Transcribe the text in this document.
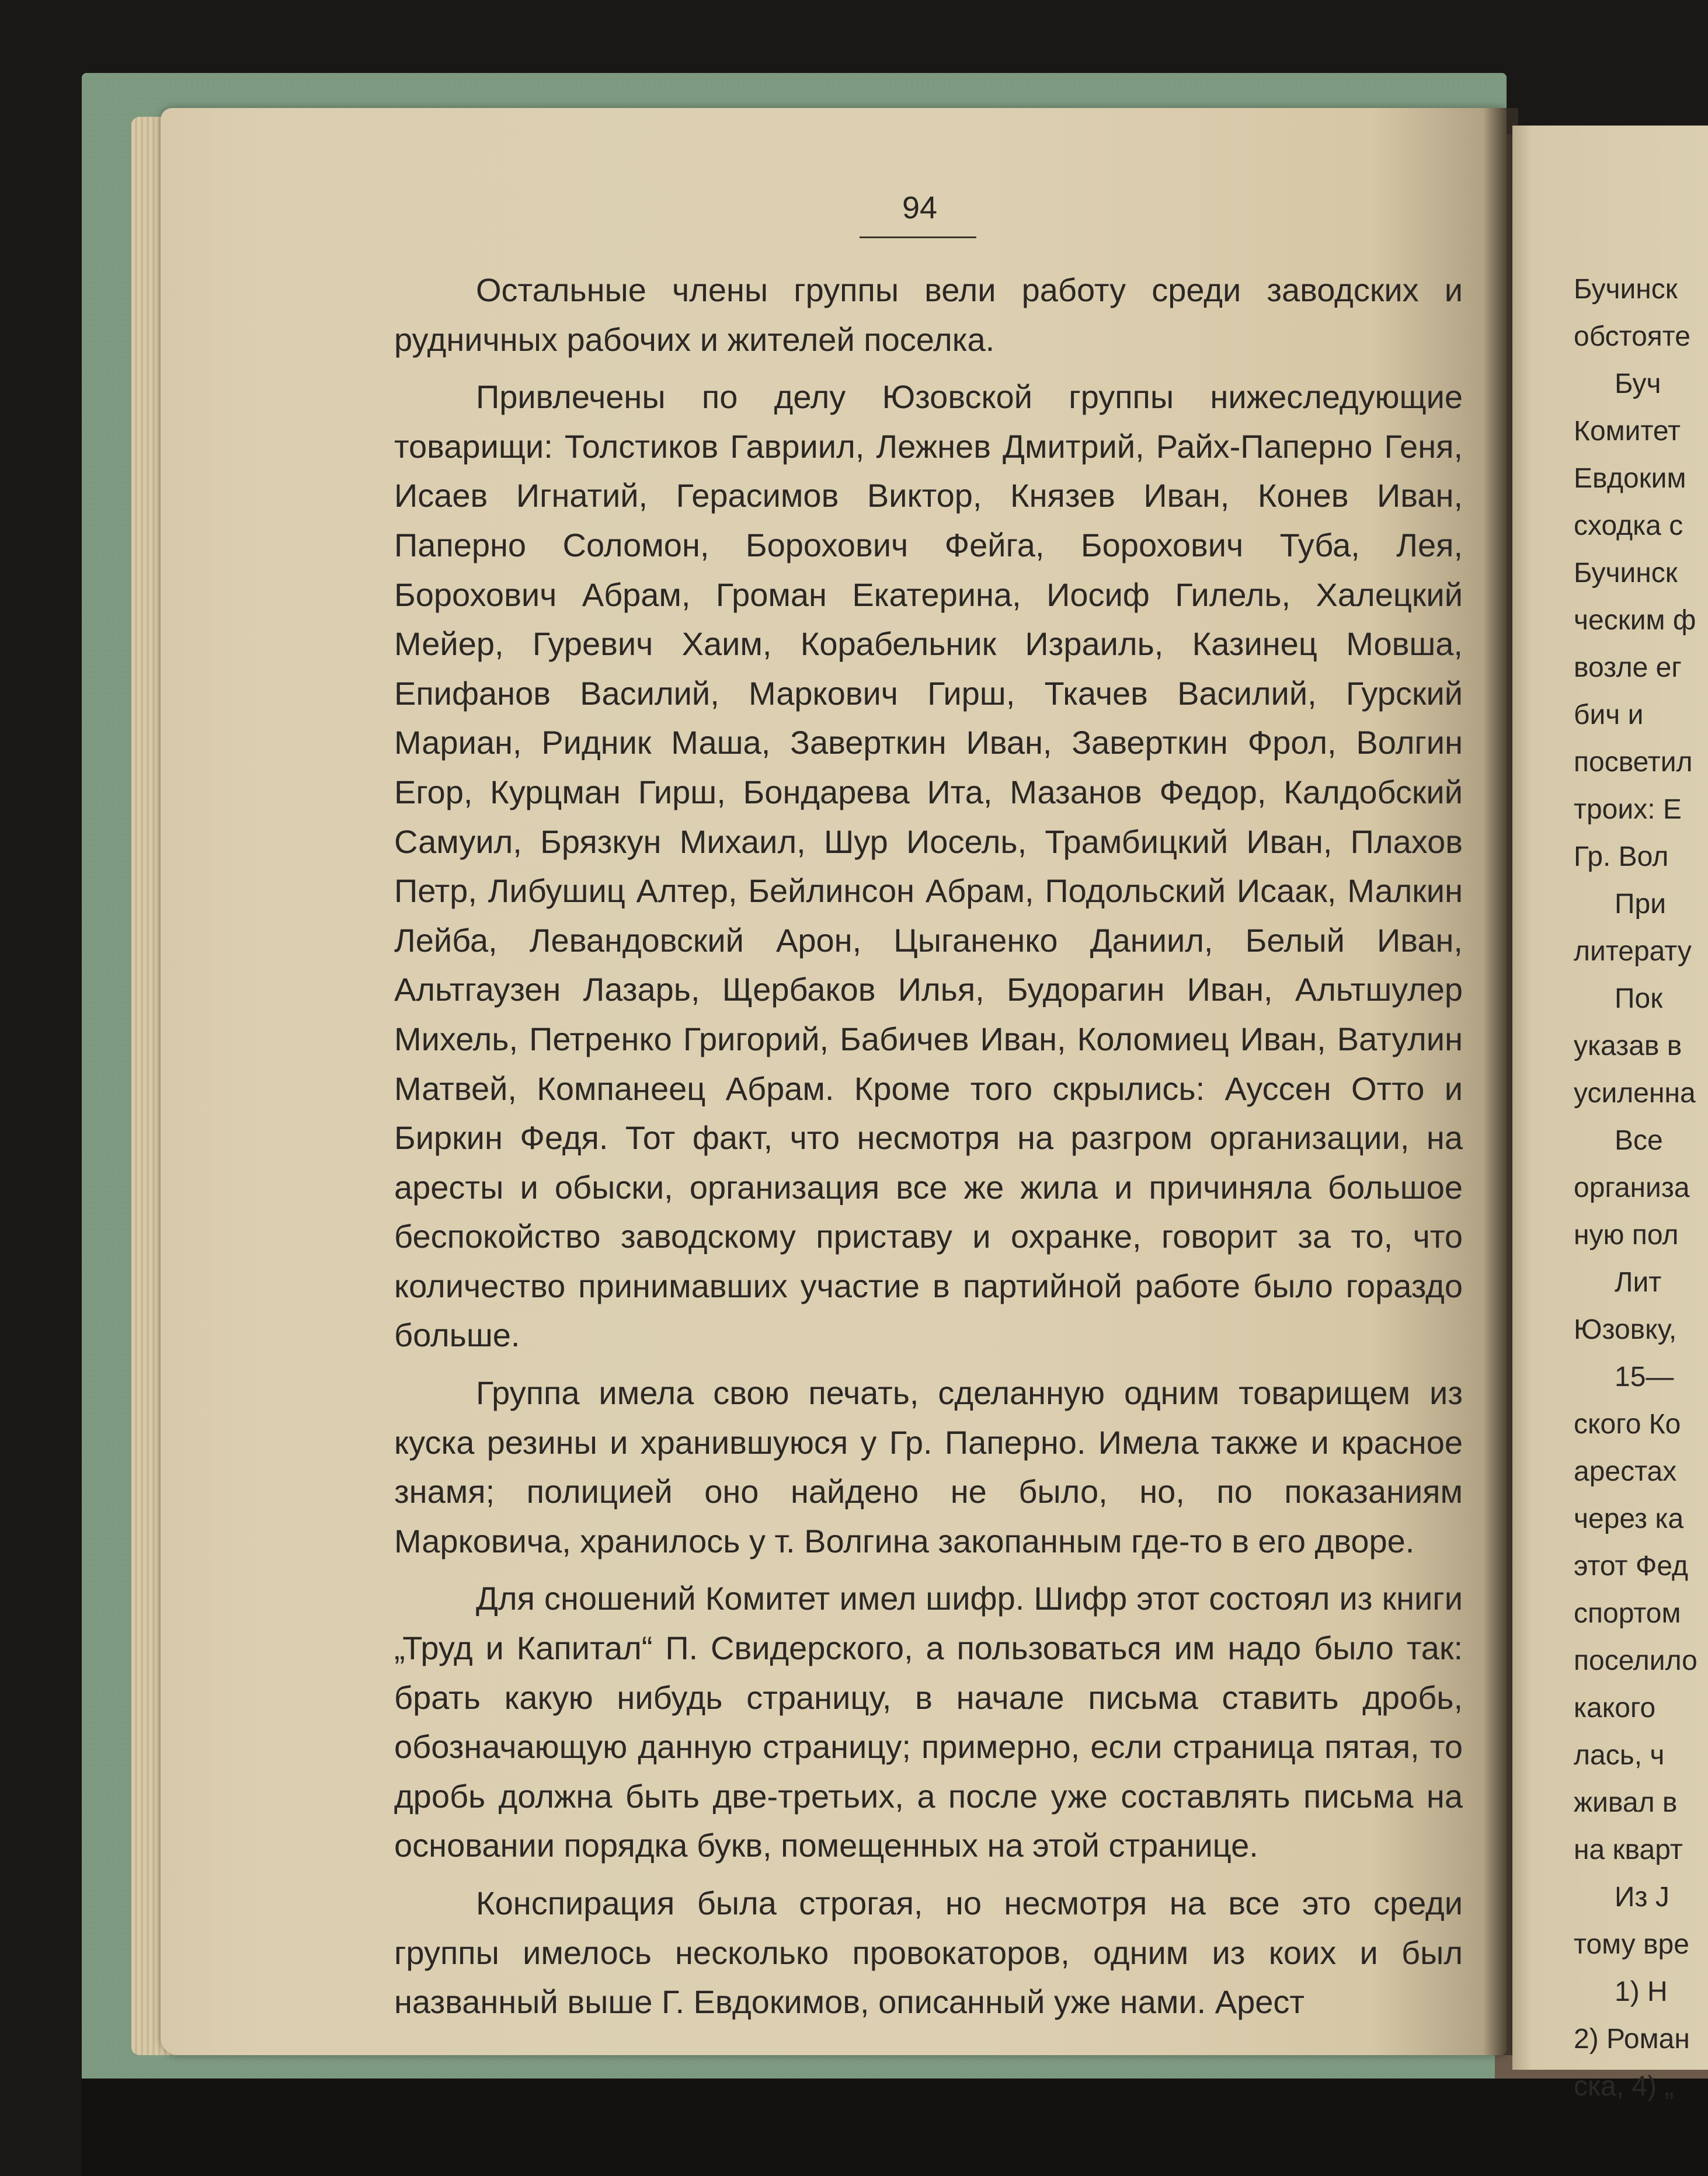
94

Остальные члены группы вели работу среди заводских и рудничных рабочих и жителей поселка.

Привлечены по делу Юзовской группы нижеследующие товарищи: Толстиков Гавриил, Лежнев Дмитрий, Райх-Паперно Геня, Исаев Игнатий, Герасимов Виктор, Князев Иван, Конев Иван, Паперно Соломон, Борохович Фейга, Борохович Туба, Лея, Борохович Абрам, Громан Екатерина, Иосиф Гилель, Халецкий Мейер, Гуревич Хаим, Корабельник Израиль, Казинец Мовша, Епифанов Василий, Маркович Гирш, Ткачев Василий, Гурский Мариан, Ридник Маша, Заверткин Иван, Заверткин Фрол, Волгин Егор, Курцман Гирш, Бондарева Ита, Мазанов Федор, Калдобский Самуил, Брязкун Михаил, Шур Иосель, Трамбицкий Иван, Плахов Петр, Либушиц Алтер, Бейлинсон Абрам, Подольский Исаак, Малкин Лейба, Левандовский Арон, Цыганенко Даниил, Белый Иван, Альтгаузен Лазарь, Щербаков Илья, Будорагин Иван, Альтшулер Михель, Петренко Григорий, Бабичев Иван, Коломиец Иван, Ватулин Матвей, Компанеец Абрам. Кроме того скрылись: Ауссен Отто и Биркин Федя. Тот факт, что несмотря на разгром организации, на аресты и обыски, организация все же жила и причиняла большое беспокойство заводскому приставу и охранке, говорит за то, что количество принимавших участие в партийной работе было гораздо больше.

Группа имела свою печать, сделанную одним товарищем из куска резины и хранившуюся у Гр. Паперно. Имела также и красное знамя; полицией оно найдено не было, но, по показаниям Марковича, хранилось у т. Волгина закопанным где-то в его дворе.

Для сношений Комитет имел шифр. Шифр этот состоял из книги „Труд и Капитал“ П. Свидерского, а пользоваться им надо было так: брать какую нибудь страницу, в начале письма ставить дробь, обозначающую данную страницу; примерно, если страница пятая, то дробь должна быть две-третьих, а после уже составлять письма на основании порядка букв, помещенных на этой странице.

Конспирация была строгая, но несмотря на все это среди группы имелось несколько провокаторов, одним из коих и был названный выше Г. Евдокимов, описанный уже нами. Арест

Бучинск
обстояте
Буч
Комитет
Евдоким
сходка с
Бучинск
ческим ф
возле ег
бич и
посветил
троих: Е
Гр. Вол
При
литерату
Пок
указав в
усиленна
Все
организа
ную пол
Лит
Юзовку,
15—
ского Ко
арестах
через ка
этот Фед
спортом
поселило
какого
лась, ч
живал в
на кварт
Из Ј
тому вре
1) Н
2) Роман
ска, 4) „
